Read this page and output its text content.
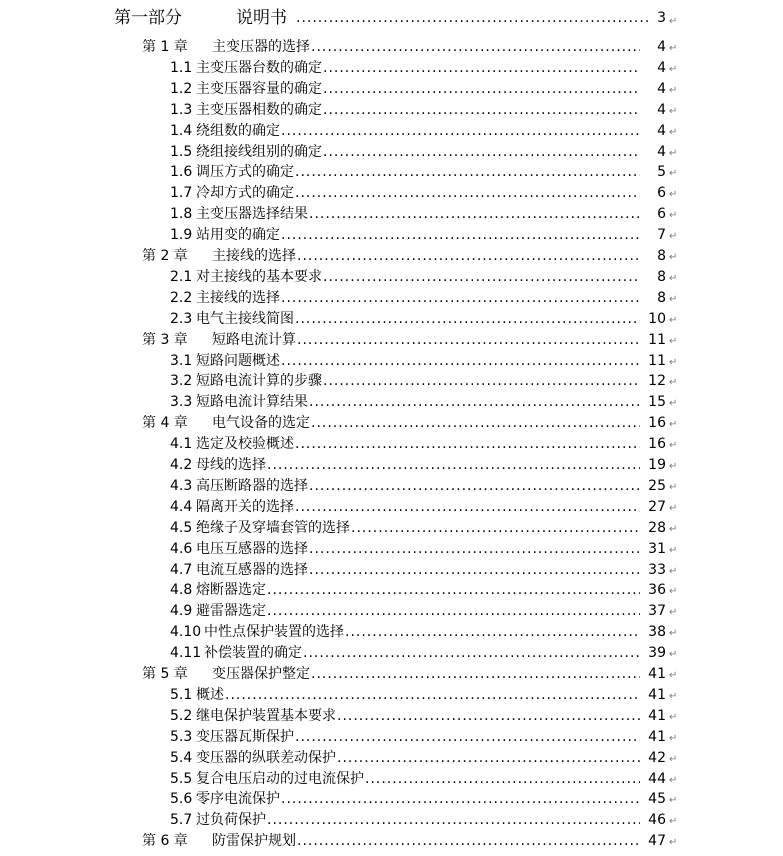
第一部分	说明书 .....	3 ↵
第 1 章	主变压器的选择 .....	4 ↵
1.1 主变压器台数的确定 .....	4 ↵
1.2 主变压器容量的确定 .....	4 ↵
1.3 主变压器相数的确定 .....	4 ↵
1.4 绕组数的确定 .....	4 ↵
1.5 绕组接线组别的确定 .....	4 ↵
1.6 调压方式的确定 .....	5 ↵
1.7 冷却方式的确定 .....	6 ↵
1.8 主变压器选择结果 .....	6 ↵
1.9 站用变的确定 .....	7 ↵
第 2 章	主接线的选择 .....	8 ↵
2.1 对主接线的基本要求 .....	8 ↵
2.2 主接线的选择 .....	8 ↵
2.3 电气主接线简图 .....	10 ↵
第 3 章	短路电流计算 .....	11 ↵
3.1 短路问题概述 .....	11 ↵
3.2 短路电流计算的步骤 .....	12 ↵
3.3 短路电流计算结果 .....	15 ↵
第 4 章	电气设备的选定 .....	16 ↵
4.1 选定及校验概述 .....	16 ↵
4.2 母线的选择 .....	19 ↵
4.3 高压断路器的选择 .....	25 ↵
4.4 隔离开关的选择 .....	27 ↵
4.5 绝缘子及穿墙套管的选择 .....	28 ↵
4.6 电压互感器的选择 .....	31 ↵
4.7 电流互感器的选择 .....	33 ↵
4.8 熔断器选定 .....	36 ↵
4.9 避雷器选定 .....	37 ↵
4.10 中性点保护装置的选择 .....	38 ↵
4.11 补偿装置的确定 .....	39 ↵
第 5 章	变压器保护整定 .....	41 ↵
5.1 概述 .....	41 ↵
5.2 继电保护装置基本要求 .....	41 ↵
5.3 变压器瓦斯保护 .....	41 ↵
5.4 变压器的纵联差动保护 .....	42 ↵
5.5 复合电压启动的过电流保护 .....	44 ↵
5.6 零序电流保护 .....	45 ↵
5.7 过负荷保护 .....	46 ↵
第 6 章	防雷保护规划 .....	47 ↵
